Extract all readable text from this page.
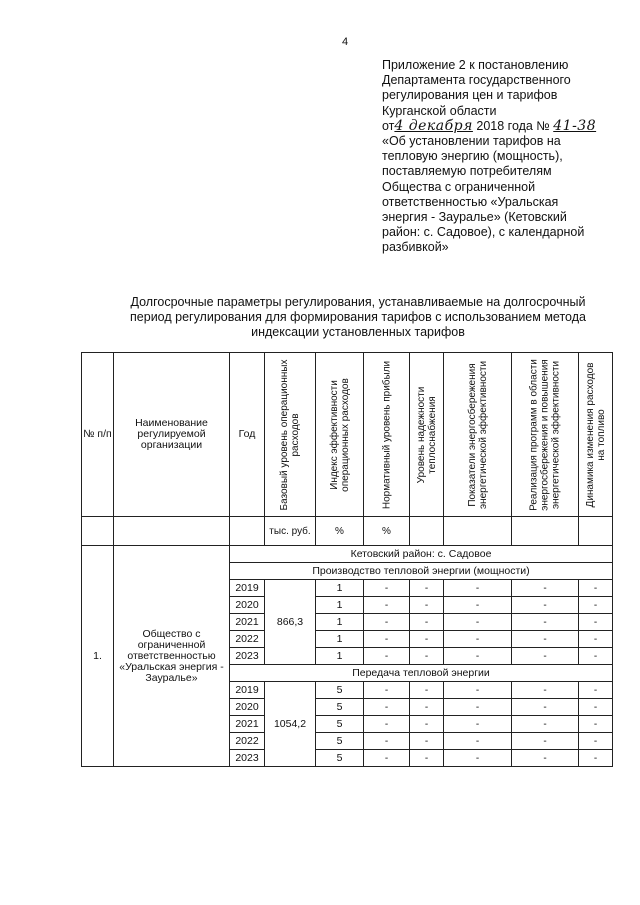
4
Приложение 2 к постановлению
Департамента государственного
регулирования цен и тарифов
Курганской области
от4 декабря 2018 года № 41-38
«Об установлении тарифов на
тепловую энергию (мощность),
поставляемую потребителям
Общества с ограниченной
ответственностью «Уральская
энергия - Зауралье» (Кетовский
район: с. Садовое), с календарной
разбивкой»
Долгосрочные параметры регулирования, устанавливаемые на долгосрочный
период регулирования для формирования тарифов с использованием метода
индексации установленных тарифов
№ п/п	Наименование регулируемой организации	Год	Базовый уровень операционных расходов	Индекс эффективности операционных расходов	Нормативный уровень прибыли	Уровень надежности теплоснабжения	Показатели энергосбережения энергетической эффективности	Реализация программ в области энергосбережения и повышения энергетической эффективности	Динамика изменения расходов на топливо

			тыс. руб.	%	%				
1.	Общество с ограниченной ответственностью «Уральская энергия - Зауралье»	Кетовский район: с. Садовое							
		Производство тепловой энергии (мощности)							
		2019	866,3	1	-	-	-	-	-
		2020		1	-	-	-	-	-
		2021		1	-	-	-	-	-
		2022		1	-	-	-	-	-
		2023		1	-	-	-	-	-
		Передача тепловой энергии							
		2019	1054,2	5	-	-	-	-	-
		2020		5	-	-	-	-	-
		2021		5	-	-	-	-	-
		2022		5	-	-	-	-	-
		2023		5	-	-	-	-	-
